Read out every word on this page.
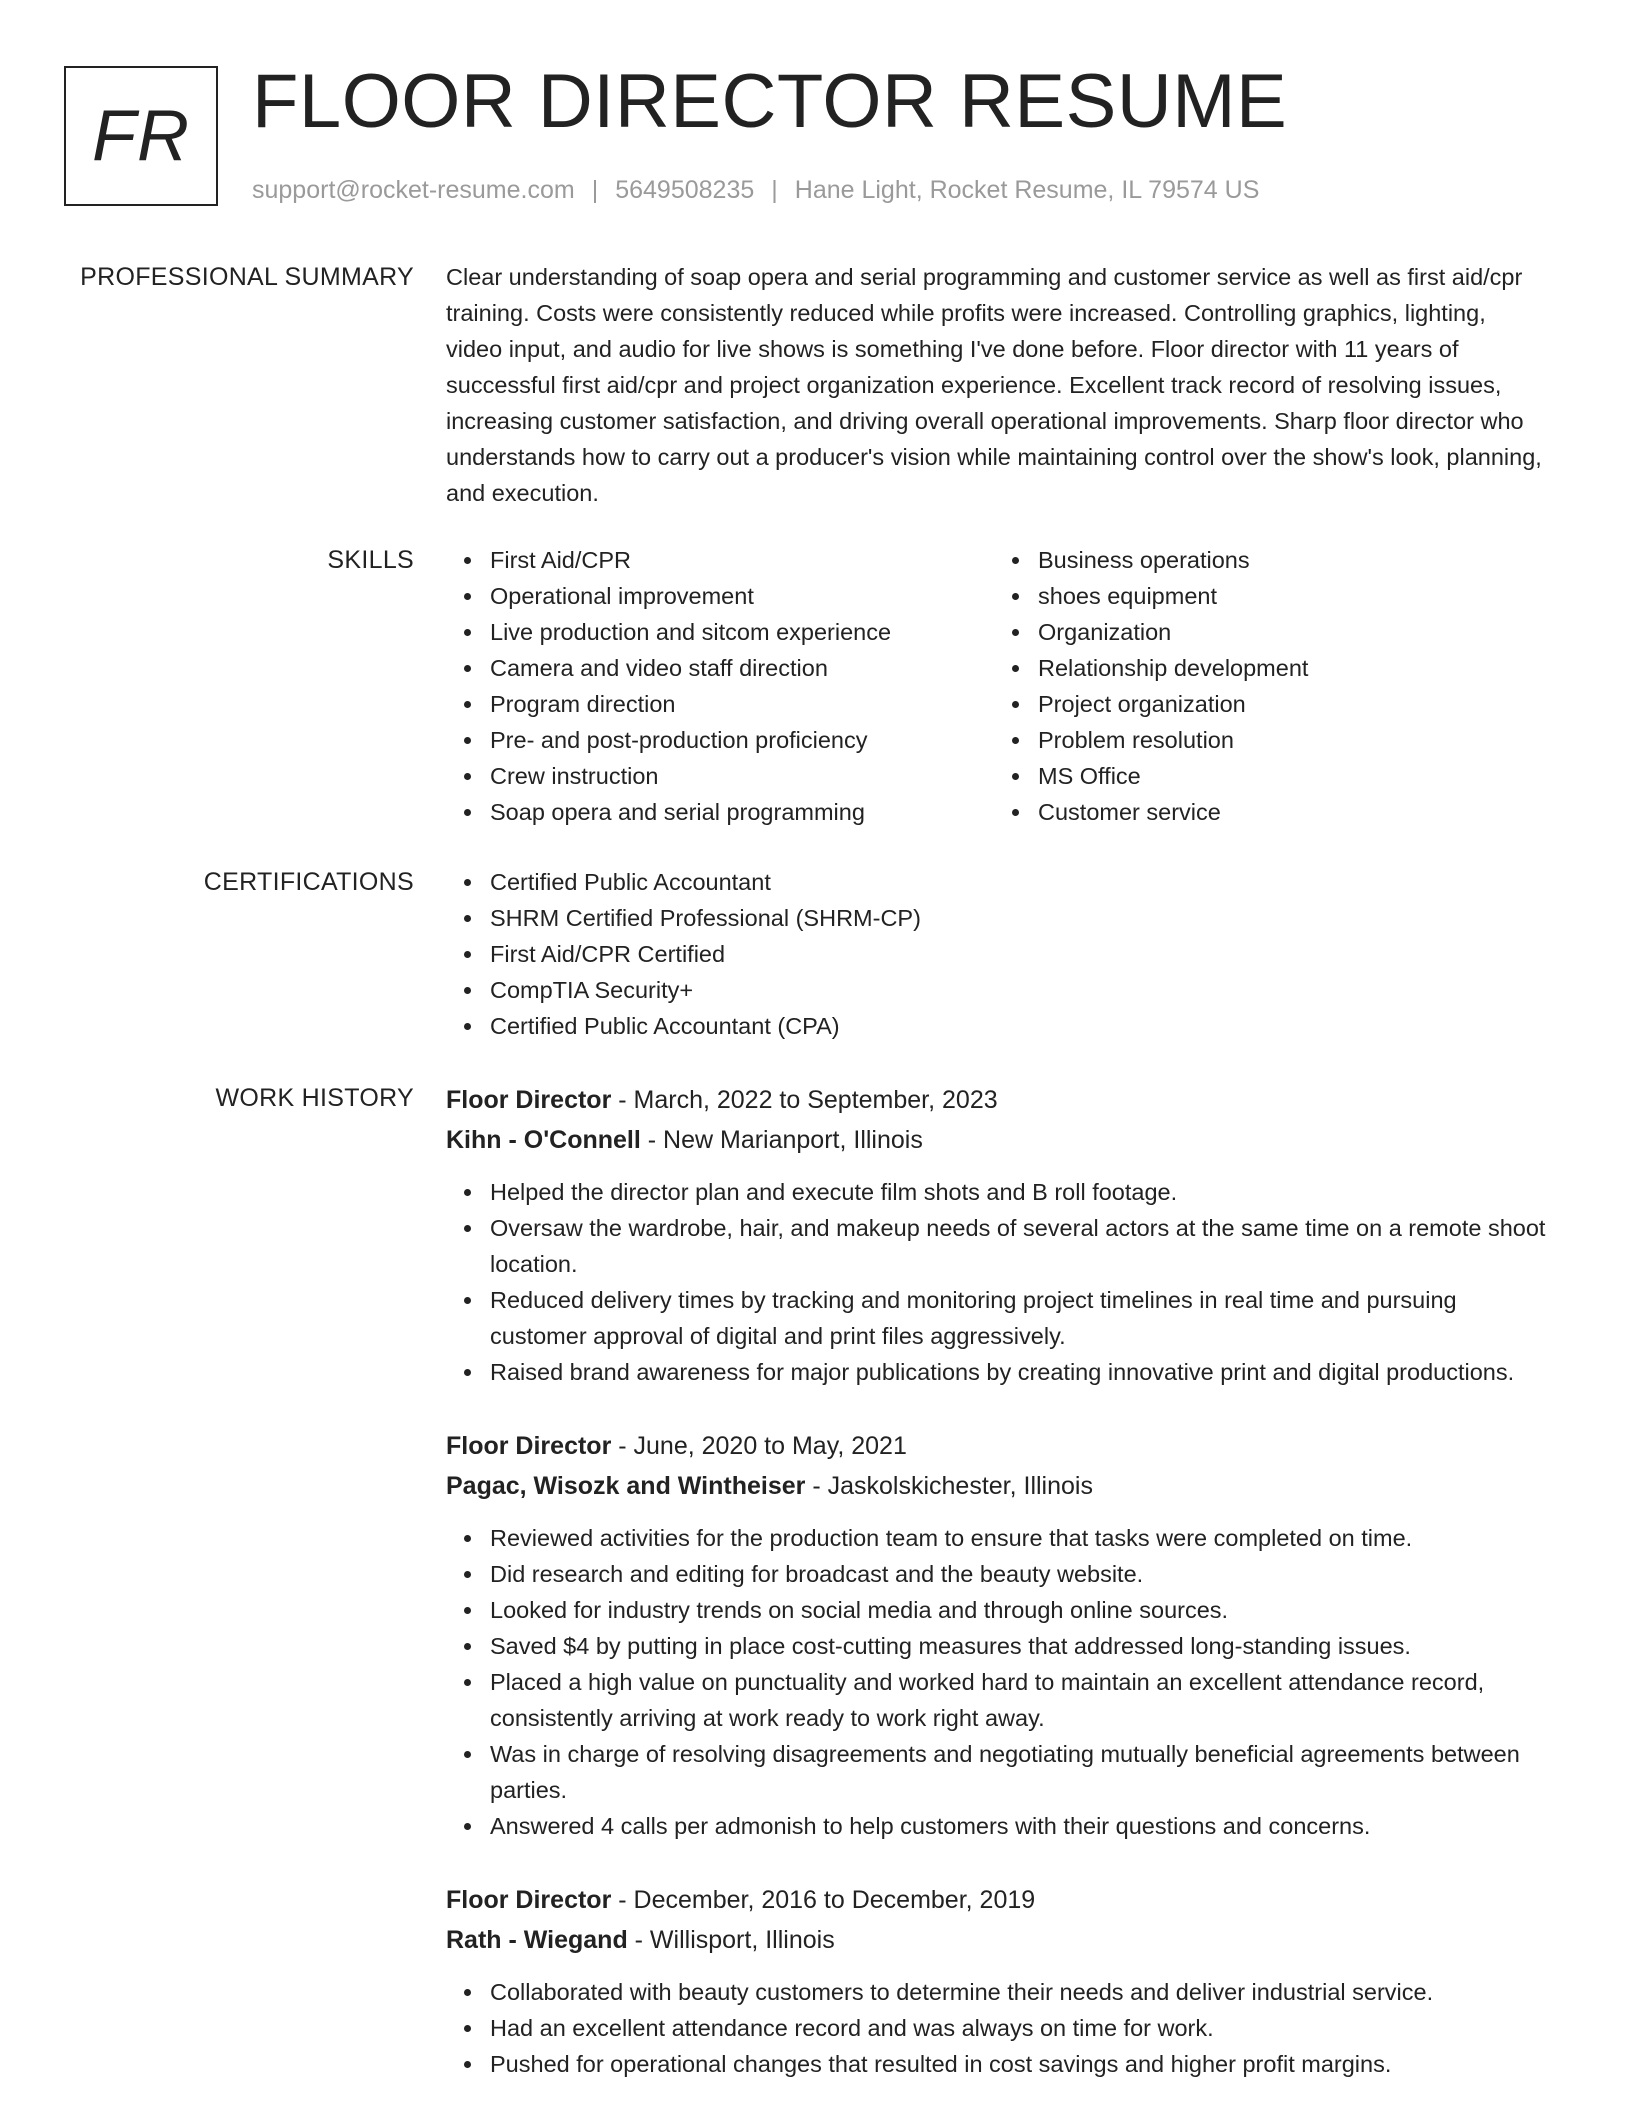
FR FLOOR DIRECTOR RESUME
support@rocket-resume.com | 5649508235 | Hane Light, Rocket Resume, IL 79574 US
PROFESSIONAL SUMMARY Clear understanding of soap opera and serial programming and customer service as well as first aid/cpr training. Costs were consistently reduced while profits were increased. Controlling graphics, lighting, video input, and audio for live shows is something I've done before. Floor director with 11 years of successful first aid/cpr and project organization experience. Excellent track record of resolving issues, increasing customer satisfaction, and driving overall operational improvements. Sharp floor director who understands how to carry out a producer's vision while maintaining control over the show's look, planning, and execution.

SKILLS	First Aid/CPR
Operational improvement
Live production and sitcom experience
Camera and video staff direction
Program direction
Pre- and post-production proficiency
Crew instruction
Soap opera and serial programming
Business operations
shoes equipment
Organization
Relationship development
Project organization
Problem resolution
MS Office
Customer service
CERTIFICATIONS	Certified Public Accountant
SHRM Certified Professional (SHRM-CP)
First Aid/CPR Certified
CompTIA Security+
Certified Public Accountant (CPA)
WORK HISTORY Floor Director - March, 2022 to September, 2023
Kihn - O'Connell - New Marianport, Illinois
Helped the director plan and execute film shots and B roll footage.
Oversaw the wardrobe, hair, and makeup needs of several actors at the same time on a remote shoot location.
Reduced delivery times by tracking and monitoring project timelines in real time and pursuing customer approval of digital and print files aggressively.
Raised brand awareness for major publications by creating innovative print and digital productions.
Floor Director - June, 2020 to May, 2021
Pagac, Wisozk and Wintheiser - Jaskolskichester, Illinois
Reviewed activities for the production team to ensure that tasks were completed on time.
Did research and editing for broadcast and the beauty website.
Looked for industry trends on social media and through online sources.
Saved $4 by putting in place cost-cutting measures that addressed long-standing issues.
Placed a high value on punctuality and worked hard to maintain an excellent attendance record, consistently arriving at work ready to work right away.
Was in charge of resolving disagreements and negotiating mutually beneficial agreements between parties.
Answered 4 calls per admonish to help customers with their questions and concerns.
Floor Director - December, 2016 to December, 2019
Rath - Wiegand - Willisport, Illinois
Collaborated with beauty customers to determine their needs and deliver industrial service.
Had an excellent attendance record and was always on time for work.
Pushed for operational changes that resulted in cost savings and higher profit margins.
